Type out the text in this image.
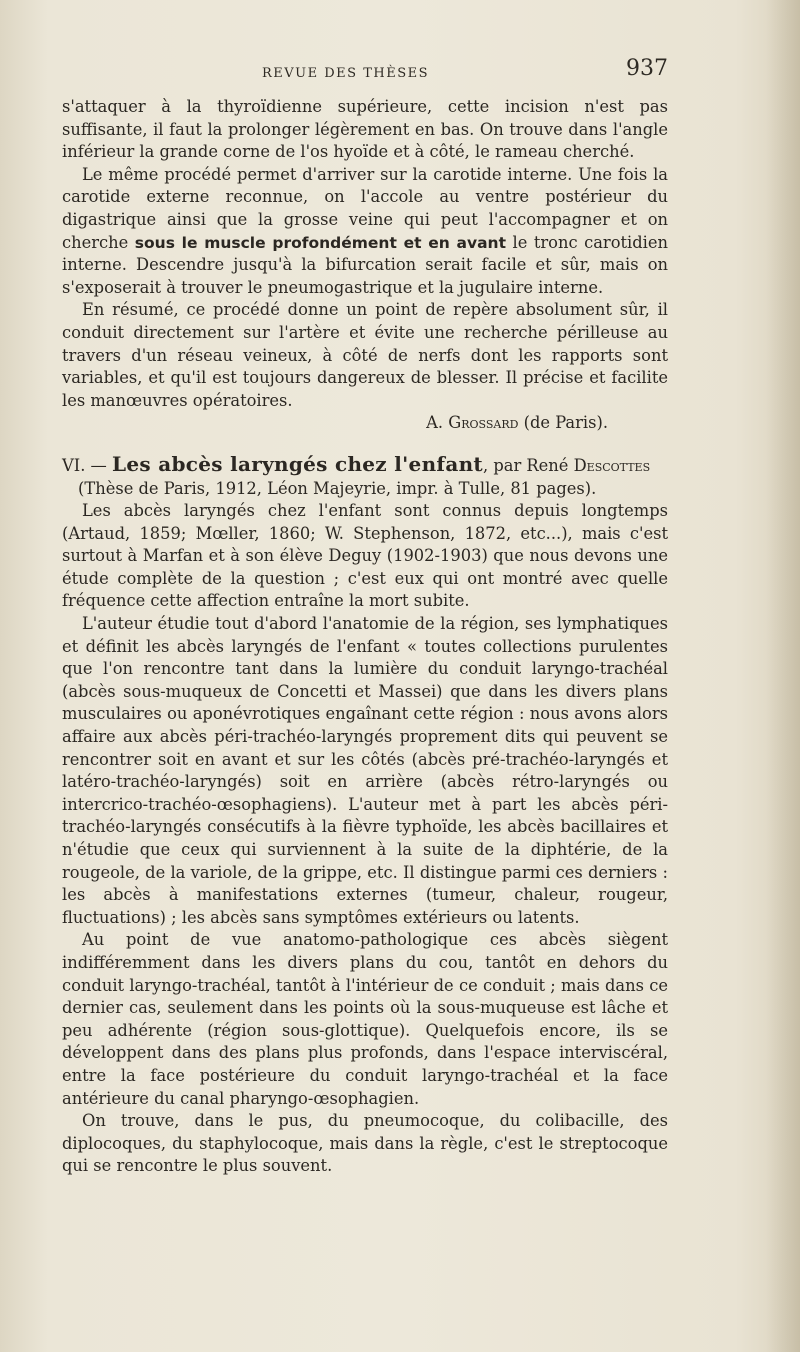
REVUE DES THÈSES	937

s'attaquer à la thyroïdienne supérieure, cette incision n'est pas suffisante, il faut la prolonger légèrement en bas. On trouve dans l'angle inférieur la grande corne de l'os hyoïde et à côté, le rameau cherché.

Le même procédé permet d'arriver sur la carotide interne. Une fois la carotide externe reconnue, on l'accole au ventre postérieur du digastrique ainsi que la grosse veine qui peut l'accompagner et on cherche sous le muscle profondément et en avant le tronc carotidien interne. Descendre jusqu'à la bifurcation serait facile et sûr, mais on s'exposerait à trouver le pneumogastrique et la jugulaire interne.

En résumé, ce procédé donne un point de repère absolument sûr, il conduit directement sur l'artère et évite une recherche périlleuse au travers d'un réseau veineux, à côté de nerfs dont les rapports sont variables, et qu'il est toujours dangereux de blesser. Il précise et facilite les manœuvres opératoires.

A. Grossard (de Paris).

VI. — Les abcès laryngés chez l'enfant, par René Descottes

(Thèse de Paris, 1912, Léon Majeyrie, impr. à Tulle, 81 pages).

Les abcès laryngés chez l'enfant sont connus depuis longtemps (Artaud, 1859; Mœller, 1860; W. Stephenson, 1872, etc...), mais c'est surtout à Marfan et à son élève Deguy (1902-1903) que nous devons une étude complète de la question ; c'est eux qui ont montré avec quelle fréquence cette affection entraîne la mort subite.

L'auteur étudie tout d'abord l'anatomie de la région, ses lymphatiques et définit les abcès laryngés de l'enfant « toutes collections purulentes que l'on rencontre tant dans la lumière du conduit laryngo-trachéal (abcès sous-muqueux de Concetti et Massei) que dans les divers plans musculaires ou aponévrotiques engaînant cette région : nous avons alors affaire aux abcès péri-trachéo-laryngés proprement dits qui peuvent se rencontrer soit en avant et sur les côtés (abcès pré-trachéo-laryngés et latéro-trachéo-laryngés) soit en arrière (abcès rétro-laryngés ou intercrico-trachéo-œsophagiens). L'auteur met à part les abcès péri-trachéo-laryngés consécutifs à la fièvre typhoïde, les abcès bacillaires et n'étudie que ceux qui surviennent à la suite de la diphtérie, de la rougeole, de la variole, de la grippe, etc. Il distingue parmi ces derniers : les abcès à manifestations externes (tumeur, chaleur, rougeur, fluctuations) ; les abcès sans symptômes extérieurs ou latents.

Au point de vue anatomo-pathologique ces abcès siègent indifféremment dans les divers plans du cou, tantôt en dehors du conduit laryngo-trachéal, tantôt à l'intérieur de ce conduit ; mais dans ce dernier cas, seulement dans les points où la sous-muqueuse est lâche et peu adhérente (région sous-glottique). Quelquefois encore, ils se développent dans des plans plus profonds, dans l'espace interviscéral, entre la face postérieure du conduit laryngo-trachéal et la face antérieure du canal pharyngo-œsophagien.

On trouve, dans le pus, du pneumocoque, du colibacille, des diplocoques, du staphylocoque, mais dans la règle, c'est le streptocoque qui se rencontre le plus souvent.
